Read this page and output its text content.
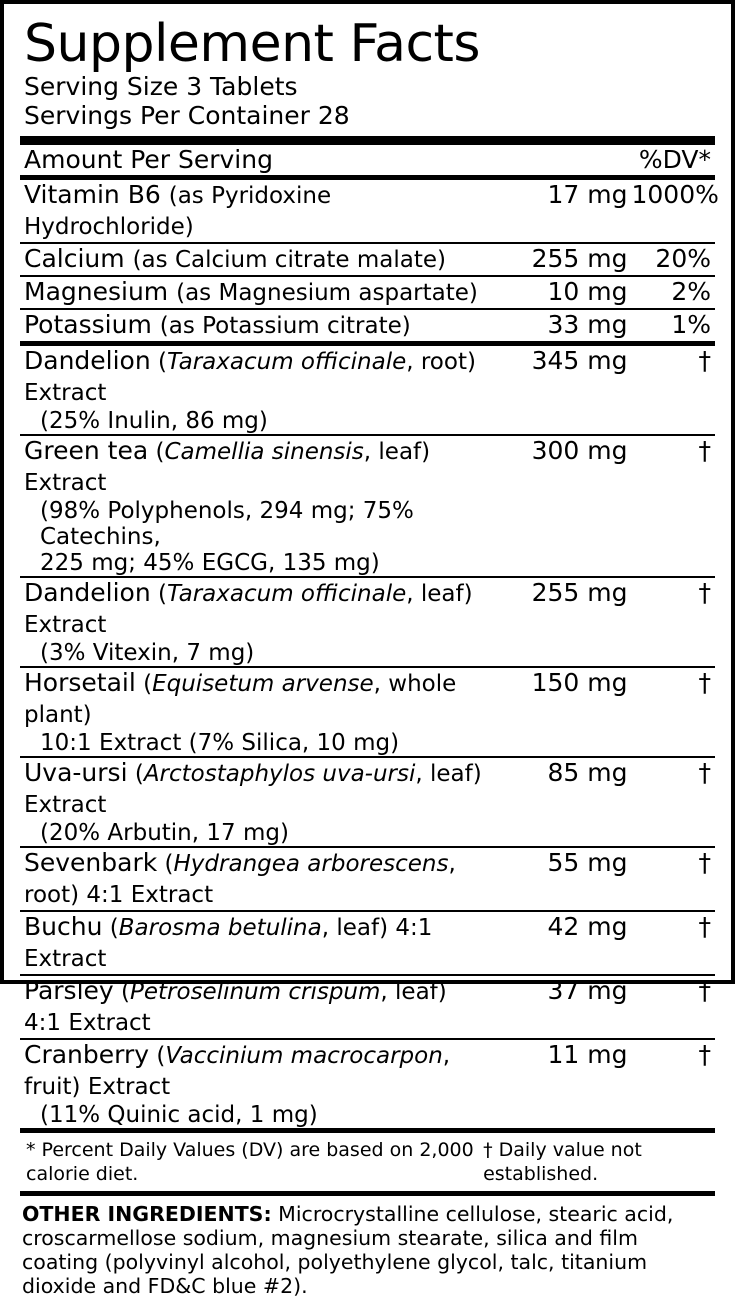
Supplement Facts
Serving Size 3 Tablets
Servings Per Container 28
Amount Per Serving		%DV*
Vitamin B6 (as Pyridoxine Hydrochloride)	17 mg	1000%

Calcium (as Calcium citrate malate)	255 mg	20%

Magnesium (as Magnesium aspartate)	10 mg	2%

Potassium (as Potassium citrate)	33 mg	1%
Dandelion (Taraxacum officinale, root) Extract
(25% Inulin, 86 mg)	345 mg	†

Green tea (Camellia sinensis, leaf) Extract
(98% Polyphenols, 294 mg; 75% Catechins,
225 mg; 45% EGCG, 135 mg)	300 mg	†

Dandelion (Taraxacum officinale, leaf) Extract
(3% Vitexin, 7 mg)	255 mg	†

Horsetail (Equisetum arvense, whole plant)
10:1 Extract (7% Silica, 10 mg)	150 mg	†

Uva-ursi (Arctostaphylos uva-ursi, leaf) Extract
(20% Arbutin, 17 mg)	85 mg	†

Sevenbark (Hydrangea arborescens, root) 4:1 Extract	55 mg	†

Buchu (Barosma betulina, leaf) 4:1 Extract	42 mg	†

Parsley (Petroselinum crispum, leaf) 4:1 Extract	37 mg	†

Cranberry (Vaccinium macrocarpon, fruit) Extract
(11% Quinic acid, 1 mg)	11 mg	†
* Percent Daily Values (DV) are based on 2,000 calorie diet.
† Daily value not established.
OTHER INGREDIENTS: Microcrystalline cellulose, stearic acid, croscarmellose sodium, magnesium stearate, silica and film coating (polyvinyl alcohol, polyethylene glycol, talc, titanium dioxide and FD&C blue #2).
